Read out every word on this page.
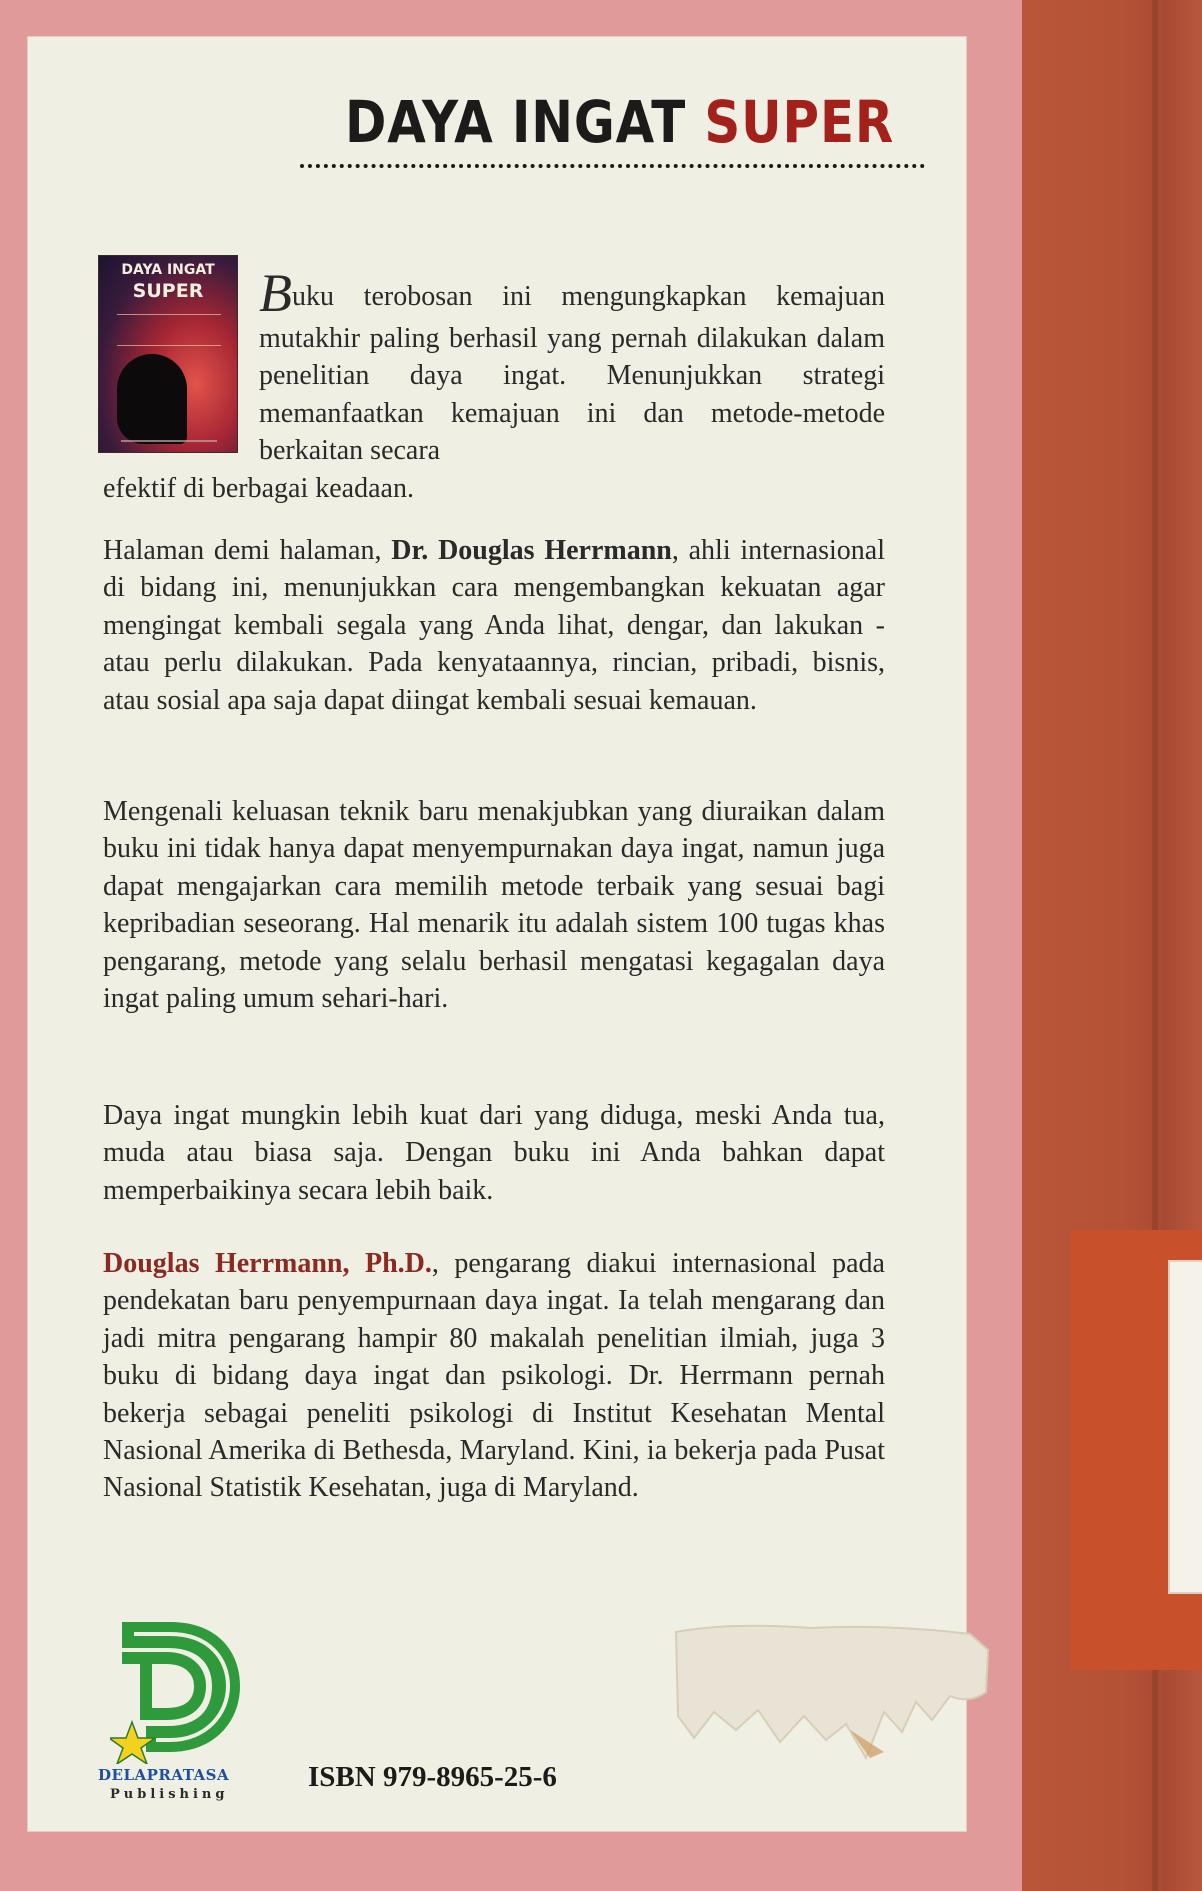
DAYA INGAT SUPER

DAYA INGAT

SUPER	Buku terobosan ini mengungkapkan kemajuan mutakhir paling berhasil yang pernah dilakukan dalam penelitian daya ingat. Menunjukkan strategi memanfaatkan kemajuan ini dan metode-metode berkaitan secara
efektif di berbagai keadaan.

Halaman demi halaman, Dr. Douglas Herrmann, ahli internasional di bidang ini, menunjukkan cara mengembangkan kekuatan agar mengingat kembali segala yang Anda lihat, dengar, dan lakukan - atau perlu dilakukan. Pada kenyataannya, rincian, pribadi, bisnis, atau sosial apa saja dapat diingat kembali sesuai kemauan.

Mengenali keluasan teknik baru menakjubkan yang diuraikan dalam buku ini tidak hanya dapat menyempurnakan daya ingat, namun juga dapat mengajarkan cara memilih metode terbaik yang sesuai bagi kepribadian seseorang. Hal menarik itu adalah sistem 100 tugas khas pengarang, metode yang selalu berhasil mengatasi kegagalan daya ingat paling umum sehari-hari.

Daya ingat mungkin lebih kuat dari yang diduga, meski Anda tua, muda atau biasa saja. Dengan buku ini Anda bahkan dapat memperbaikinya secara lebih baik.

Douglas Herrmann, Ph.D., pengarang diakui internasional pada pendekatan baru penyempurnaan daya ingat. Ia telah mengarang dan jadi mitra pengarang hampir 80 makalah penelitian ilmiah, juga 3 buku di bidang daya ingat dan psikologi. Dr. Herrmann pernah bekerja sebagai peneliti psikologi di Institut Kesehatan Mental Nasional Amerika di Bethesda, Maryland. Kini, ia bekerja pada Pusat Nasional Statistik Kesehatan, juga di Maryland.

DELAPRATASA

Publishing

ISBN 979-8965-25-6
